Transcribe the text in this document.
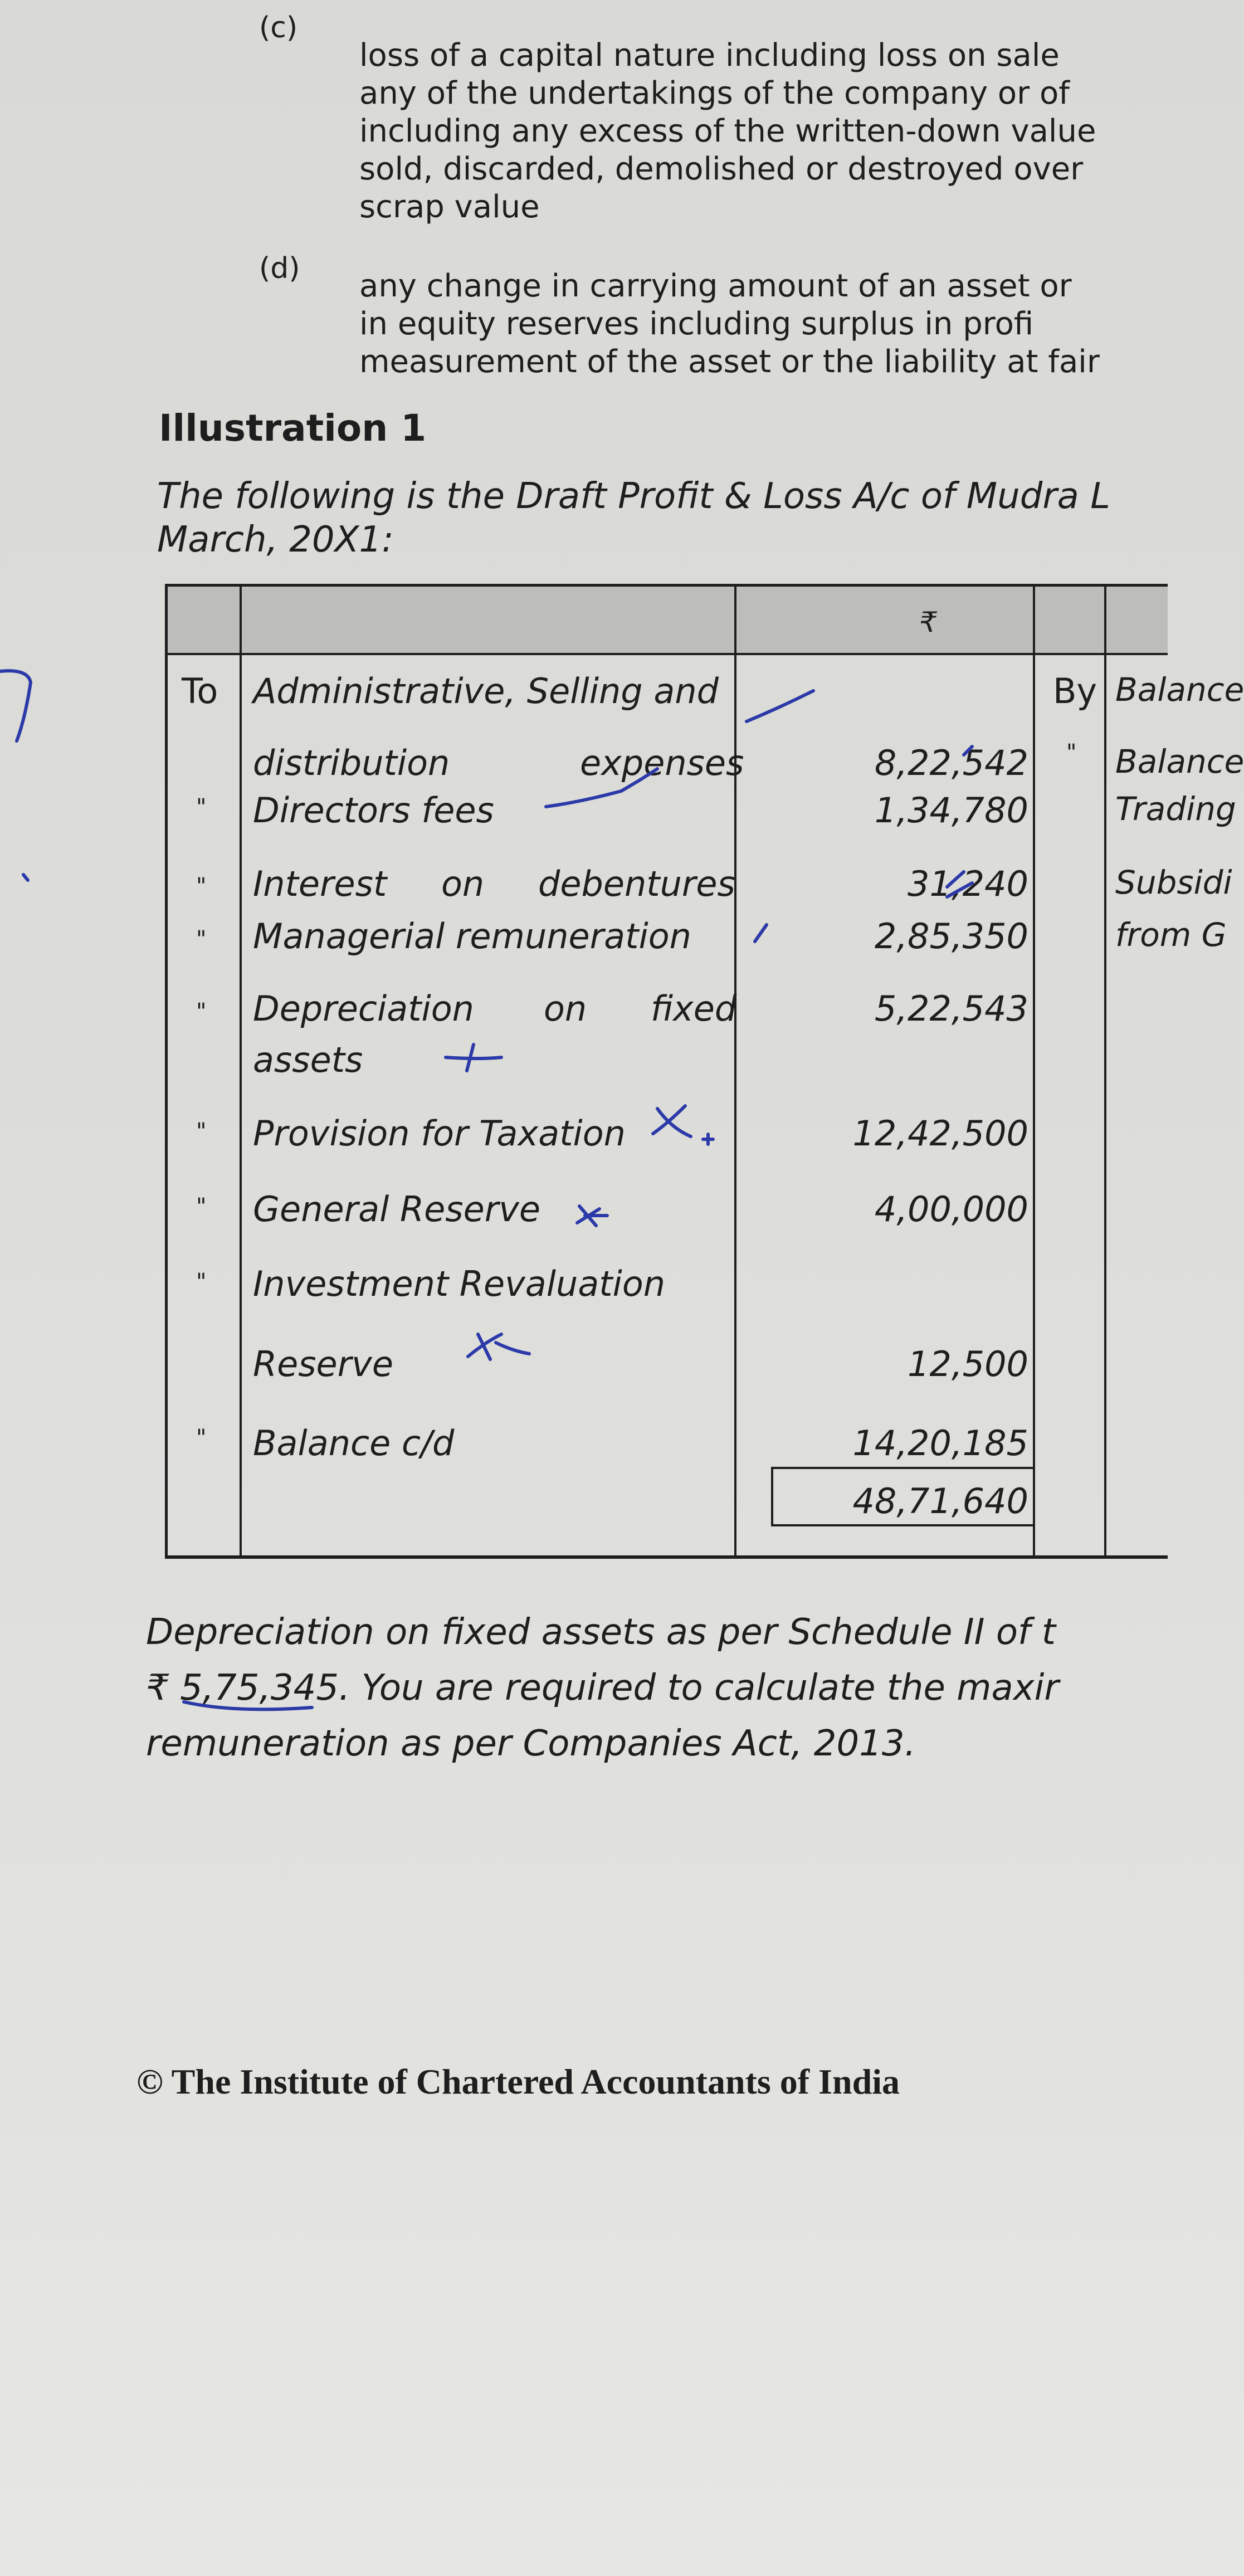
(c)
loss of a capital nature including loss on sale
any of the undertakings of the company or of
including any excess of the written-down value
sold, discarded, demolished or destroyed over
scrap value
(d) any change in carrying amount of an asset or
in equity reserves including surplus in profi
measurement of the asset or the liability at fair
Illustration 1
The following is the Draft Profit & Loss A/c of Mudra L
March, 20X1:
₹
To
"
"
"
"
"
"
"
"
Administrative, Selling and
distribution	expenses
Directors fees
Interest on debentures
Managerial remuneration
Depreciation on fixed
assets
Provision for Taxation
General Reserve
Investment Revaluation
Reserve
Balance c/d
8,22,542
1,34,780
31,240
2,85,350
5,22,543
12,42,500
4,00,000
12,500
14,20,185
48,71,640
By
"
Balance
Balance
Trading
Subsidi
from G
Depreciation on fixed assets as per Schedule II of t
₹ 5,75,345. You are required to calculate the maxir
remuneration as per Companies Act, 2013.
© The Institute of Chartered Accountants of India
